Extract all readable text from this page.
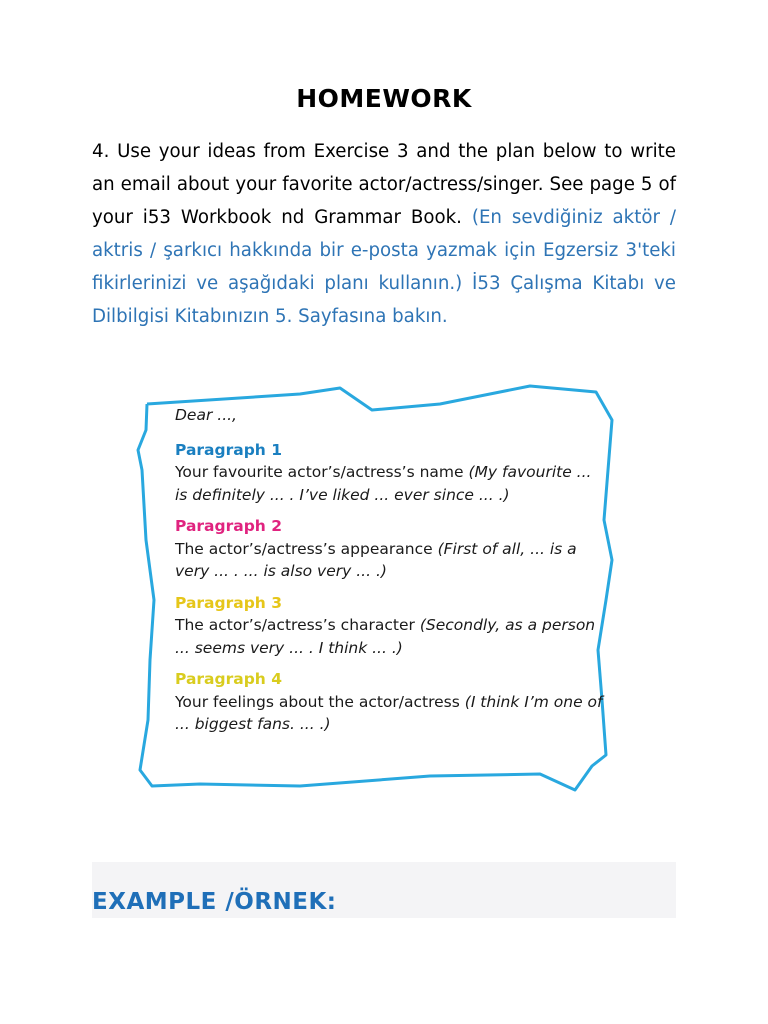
HOMEWORK
4. Use your ideas from Exercise 3 and the plan below to write an email about your favorite actor/actress/singer. See page 5 of your i53 Workbook nd Grammar Book. (En sevdiğiniz aktör / aktris / şarkıcı hakkında bir e-posta yazmak için Egzersiz 3'teki fikirlerinizi ve aşağıdaki planı kullanın.) İ53 Çalışma Kitabı ve Dilbilgisi Kitabınızın 5. Sayfasına bakın.
Dear ...,
Paragraph 1
Your favourite actor’s/actress’s name (My favourite ... is definitely ... . I’ve liked ... ever since ... .)
Paragraph 2
The actor’s/actress’s appearance (First of all, ... is a very ... . ... is also very ... .)
Paragraph 3
The actor’s/actress’s character (Secondly, as a person ... seems very ... . I think ... .)
Paragraph 4
Your feelings about the actor/actress (I think I’m one of ... biggest fans. ... .)
EXAMPLE /ÖRNEK:
